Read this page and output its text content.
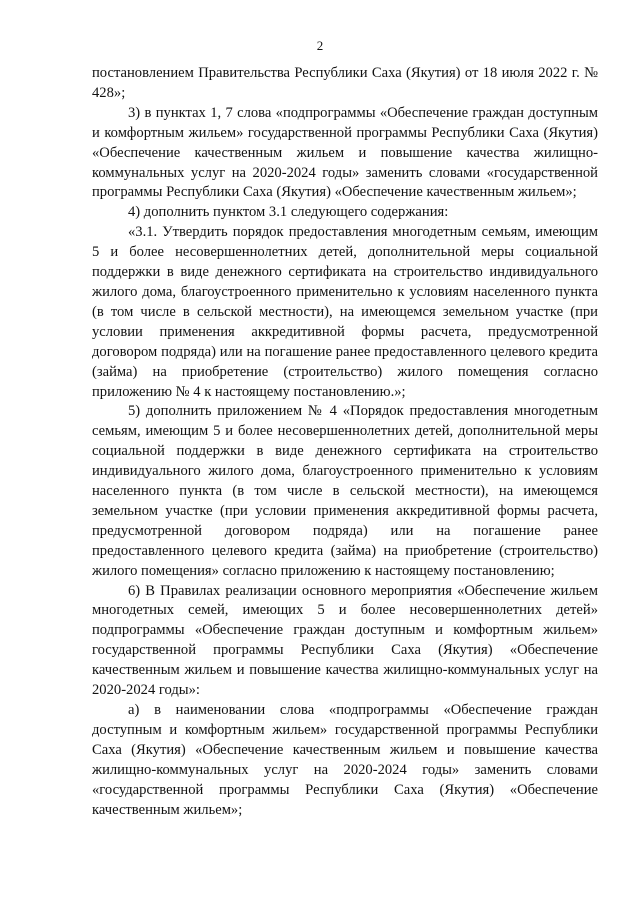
2

постановлением Правительства Республики Саха (Якутия) от 18 июля 2022 г. № 428»;

3) в пунктах 1, 7 слова «подпрограммы «Обеспечение граждан доступным и комфортным жильем» государственной программы Республики Саха (Якутия) «Обеспечение качественным жильем и повышение качества жилищно-коммунальных услуг на 2020-2024 годы» заменить словами «государственной программы Республики Саха (Якутия) «Обеспечение качественным жильем»;

4) дополнить пунктом 3.1 следующего содержания:

«3.1. Утвердить порядок предоставления многодетным семьям, имеющим 5 и более несовершеннолетних детей, дополнительной меры социальной поддержки в виде денежного сертификата на строительство индивидуального жилого дома, благоустроенного применительно к условиям населенного пункта (в том числе в сельской местности), на имеющемся земельном участке (при условии применения аккредитивной формы расчета, предусмотренной договором подряда) или на погашение ранее предоставленного целевого кредита (займа) на приобретение (строительство) жилого помещения согласно приложению № 4 к настоящему постановлению.»;

5) дополнить приложением № 4 «Порядок предоставления многодетным семьям, имеющим 5 и более несовершеннолетних детей, дополнительной меры социальной поддержки в виде денежного сертификата на строительство индивидуального жилого дома, благоустроенного применительно к условиям населенного пункта (в том числе в сельской местности), на имеющемся земельном участке (при условии применения аккредитивной формы расчета, предусмотренной договором подряда) или на погашение ранее предоставленного целевого кредита (займа) на приобретение (строительство) жилого помещения» согласно приложению к настоящему постановлению;

6) В Правилах реализации основного мероприятия «Обеспечение жильем многодетных семей, имеющих 5 и более несовершеннолетних детей» подпрограммы «Обеспечение граждан доступным и комфортным жильем» государственной программы Республики Саха (Якутия) «Обеспечение качественным жильем и повышение качества жилищно-коммунальных услуг на 2020-2024 годы»:

а) в наименовании слова «подпрограммы «Обеспечение граждан доступным и комфортным жильем» государственной программы Республики Саха (Якутия) «Обеспечение качественным жильем и повышение качества жилищно-коммунальных услуг на 2020-2024 годы» заменить словами «государственной программы Республики Саха (Якутия) «Обеспечение качественным жильем»;
